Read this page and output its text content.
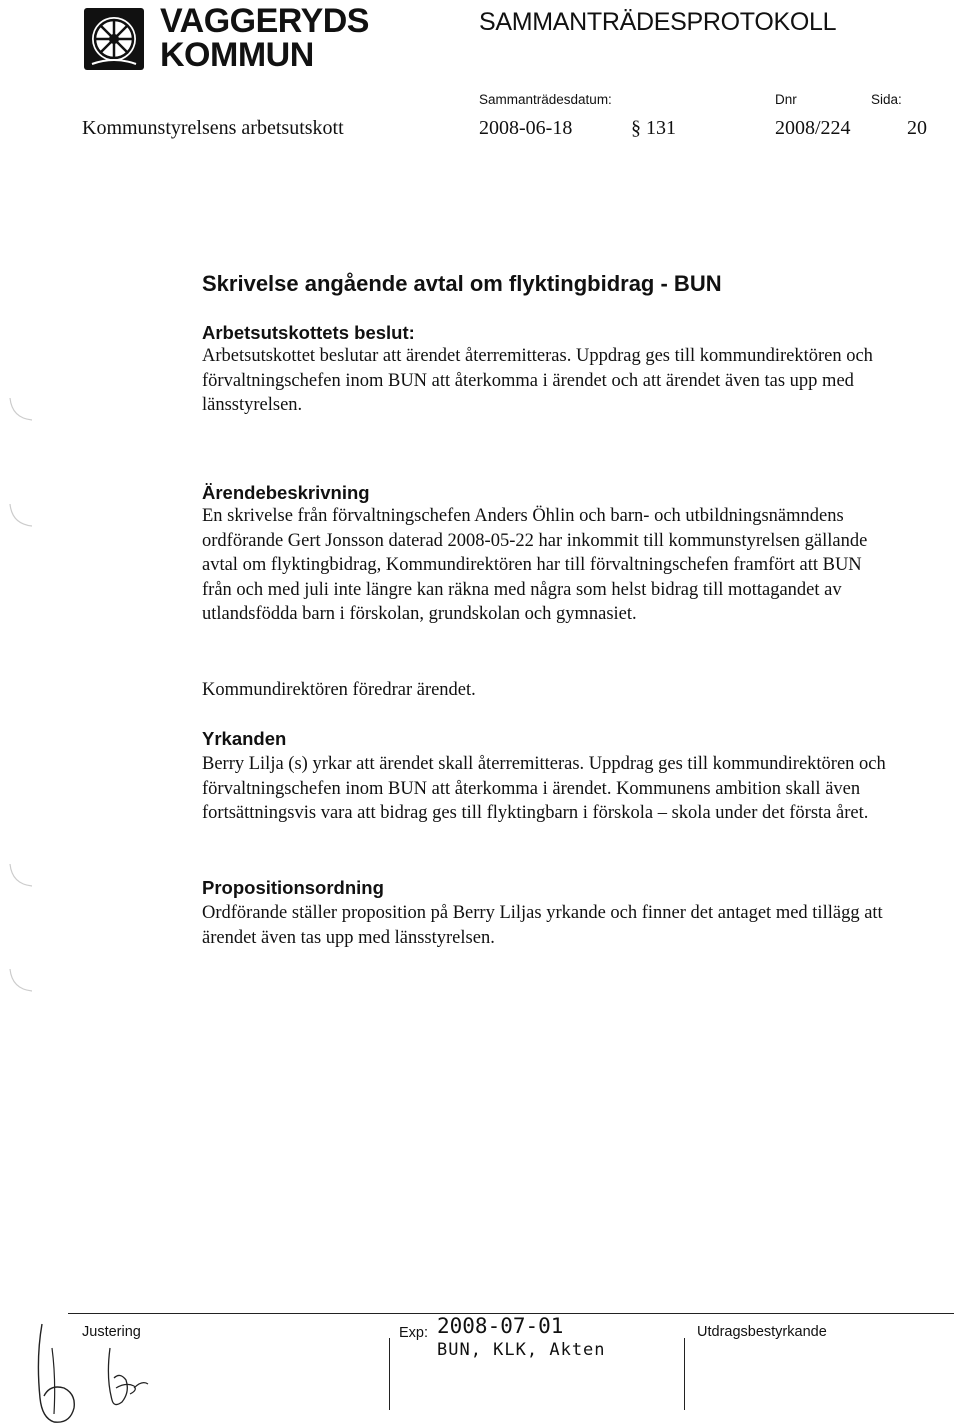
VAGGERYDS
KOMMUN
SAMMANTRÄDESPROTOKOLL
Sammanträdesdatum:	Dnr	Sida:
Kommunstyrelsens arbetsutskott	2008-06-18	§ 131	2008/224	20
Skrivelse angående avtal om flyktingbidrag - BUN
Arbetsutskottets beslut:
Arbetsutskottet beslutar att ärendet återremitteras. Uppdrag ges till kommundirektören och förvaltningschefen inom BUN att återkomma i ärendet och att ärendet även tas upp med länsstyrelsen.
Ärendebeskrivning
En skrivelse från förvaltningschefen Anders Öhlin och barn- och utbildningsnämndens ordförande Gert Jonsson daterad 2008-05-22 har inkommit till kommunstyrelsen gällande avtal om flyktingbidrag, Kommundirektören har till förvaltningschefen framfört att BUN från och med juli inte längre kan räkna med några som helst bidrag till mottagandet av utlandsfödda barn i förskolan, grundskolan och gymnasiet.
Kommundirektören föredrar ärendet.
Yrkanden
Berry Lilja (s) yrkar att ärendet skall återremitteras. Uppdrag ges till kommundirektören och förvaltningschefen inom BUN att återkomma i ärendet. Kommunens ambition skall även fortsättningsvis vara att bidrag ges till flyktingbarn i förskola – skola under det första året.
Propositionsordning
Ordförande ställer proposition på Berry Liljas yrkande och finner det antaget med tillägg att ärendet även tas upp med länsstyrelsen.
Justering	Exp: 2008-07-01
BUN, KLK, Akten
Utdragsbestyrkande
